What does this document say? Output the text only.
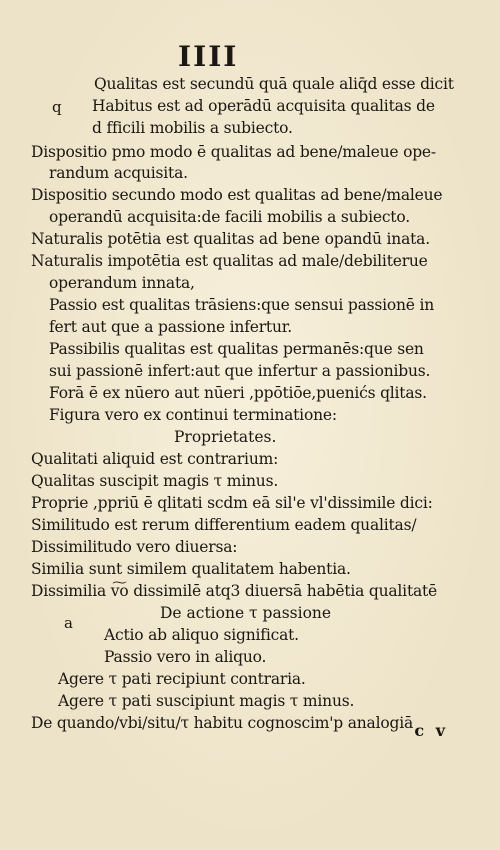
IIII
q
a
Qualitas est secundū quā quale aliq̄d esse dicit
Habitus est ad operādū acquisita qualitas de
d fficili mobilis a subiecto.
Dispositio pmo modo ē qualitas ad bene/maleue ope-
randum acquisita.
Dispositio secundo modo est qualitas ad bene/maleue
operandū acquisita:de facili mobilis a subiecto.
Naturalis potētia est qualitas ad bene opandū inata.
Naturalis impotētia est qualitas ad male/debiliterue
operandum innata,
Passio est qualitas trāsiens:que sensui passionē in
fert aut que a passione infertur.
Passibilis qualitas est qualitas permanēs:que sen
sui passionē infert:aut que infertur a passionibus.
Forā ē ex nūero aut nūeri ,ppōtiōe,puenićs qlitas.
Figura vero ex continui terminatione:
Proprietates.
Qualitati aliquid est contrarium:
Qualitas suscipit magis τ minus.
Proprie ,ppriū ē qlitati scdm eā sil'e vl'dissimile dici:
Similitudo est rerum differentium eadem qualitas/
Dissimilitudo vero diuersa:
Similia sunt similem qualitatem habentia.
Dissimilia v͠o dissimilē atq3 diuersā habētia qualitatē
De actione τ passione
Actio ab aliquo significat.
Passio vero in aliquo.
Agere τ pati recipiunt contraria.
Agere τ pati suscipiunt magis τ minus.
De quando/vbi/situ/τ habitu cognoscim'p analogiā c v
